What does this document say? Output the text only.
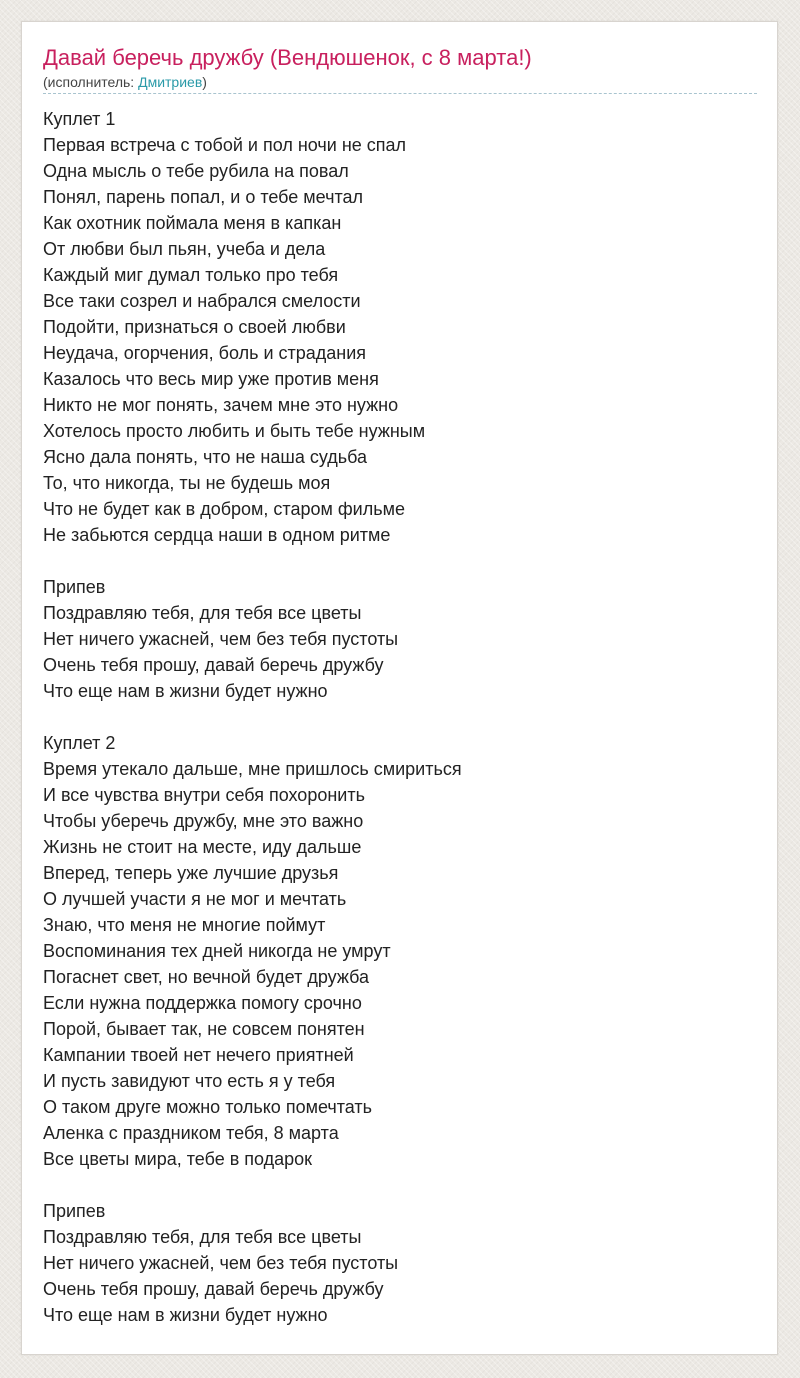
Давай беречь дружбу (Вендюшенок, с 8 марта!)
(исполнитель: Дмитриев)
Куплет 1
Первая встреча с тобой и пол ночи не спал
Одна мысль о тебе рубила на повал
Понял, парень попал, и о тебе мечтал
Как охотник поймала меня в капкан
От любви был пьян, учеба и дела
Каждый миг думал только про тебя
Все таки созрел и набрался смелости
Подойти, признаться о своей любви
Неудача, огорчения, боль и страдания
Казалось что весь мир уже против меня
Никто не мог понять, зачем мне это нужно
Хотелось просто любить и быть тебе нужным
Ясно дала понять, что не наша судьба
То, что никогда, ты не будешь моя
Что не будет как в добром, старом фильме
Не забьются сердца наши в одном ритме
Припев
Поздравляю тебя, для тебя все цветы
Нет ничего ужасней, чем без тебя пустоты
Очень тебя прошу, давай беречь дружбу
Что еще нам в жизни будет нужно
Куплет 2
Время утекало дальше, мне пришлось смириться
И все чувства внутри себя похоронить
Чтобы уберечь дружбу, мне это важно
Жизнь не стоит на месте, иду дальше
Вперед, теперь уже лучшие друзья
О лучшей участи я не мог и мечтать
Знаю, что меня не многие поймут
Воспоминания тех дней никогда не умрут
Погаснет свет, но вечной будет дружба
Если нужна поддержка помогу срочно
Порой, бывает так, не совсем понятен
Кампании твоей нет нечего приятней
И пусть завидуют что есть я у тебя
О таком друге можно только помечтать
Аленка с праздником тебя, 8 марта
Все цветы мира, тебе в подарок
Припев
Поздравляю тебя, для тебя все цветы
Нет ничего ужасней, чем без тебя пустоты
Очень тебя прошу, давай беречь дружбу
Что еще нам в жизни будет нужно
